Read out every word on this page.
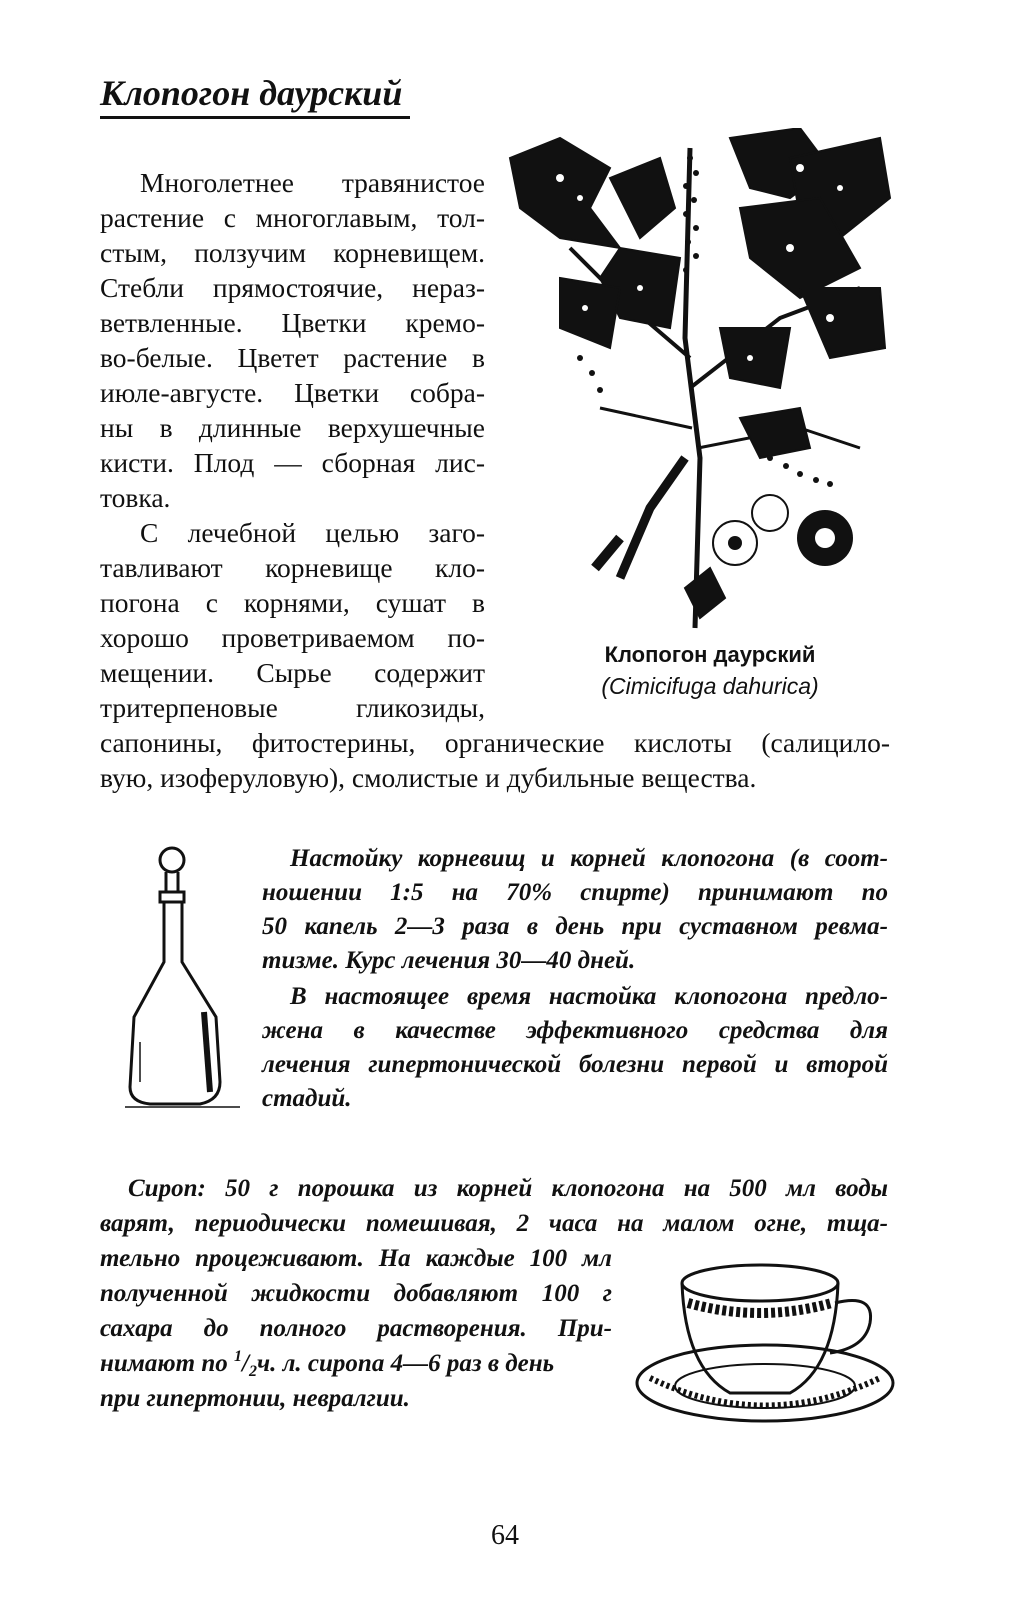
Клопогон даурский
Клопогон даурский
(Cimicifuga dahurica)
Многолетнее травянистое
растение с многоглавым, тол-
стым, ползучим корневищем.
Стебли прямостоячие, нераз-
ветвленные. Цветки кремо-
во-белые. Цветет растение в
июле-августе. Цветки собра-
ны в длинные верхушечные
кисти. Плод — сборная лис-
товка.
С лечебной целью заго-
тавливают корневище кло-
погона с корнями, сушат в
хорошо проветриваемом по-
мещении. Сырье содержит
тритерпеновые гликозиды,
сапонины, фитостерины, органические кислоты (салицило-
вую, изоферуловую), смолистые и дубильные вещества.
Настойку корневищ и корней клопогона (в соот-
ношении 1:5 на 70% спирте) принимают по
50 капель 2—3 раза в день при суставном ревма-
тизме. Курс лечения 30—40 дней.
В настоящее время настойка клопогона предло-
жена в качестве эффективного средства для
лечения гипертонической болезни первой и второй
стадий.
Сироп: 50 г порошка из корней клопогона на 500 мл воды
варят, периодически помешивая, 2 часа на малом огне, тща-
тельно процеживают. На каждые 100 мл
полученной жидкости добавляют 100 г
сахара до полного растворения. При-
нимают по $^1/_2ч$. л. сиропа 4—6 раз в день
при гипертонии, невралгии.
64
